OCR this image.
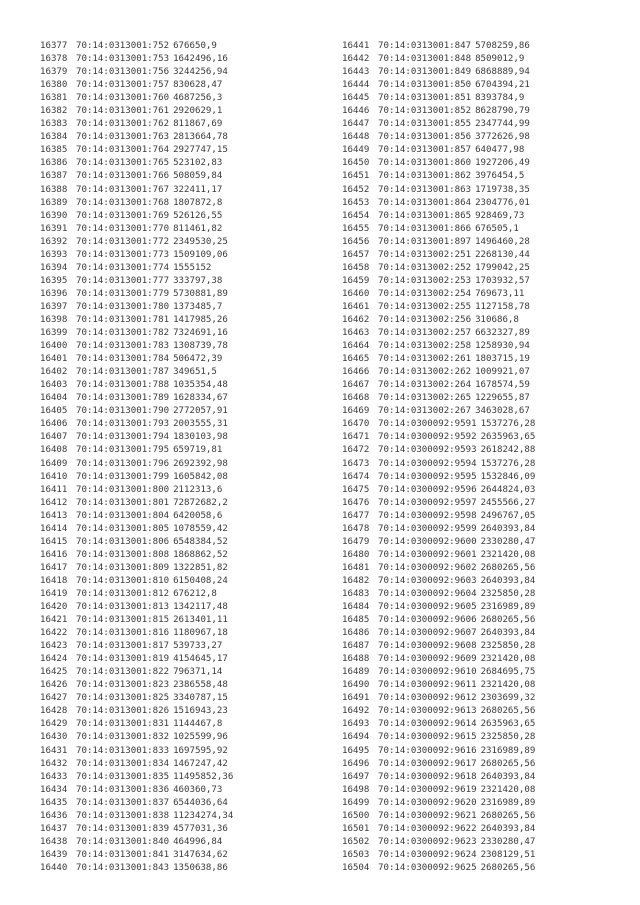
16377 70:14:0313001:752 676650,9
16378 70:14:0313001:753 1642496,16
16379 70:14:0313001:756 3244256,94
16380 70:14:0313001:757 830628,47
16381 70:14:0313001:760 4687256,3
16382 70:14:0313001:761 2920629,1
16383 70:14:0313001:762 811867,69
16384 70:14:0313001:763 2813664,78
16385 70:14:0313001:764 2927747,15
16386 70:14:0313001:765 523102,83
16387 70:14:0313001:766 508059,84
16388 70:14:0313001:767 322411,17
16389 70:14:0313001:768 1807872,8
16390 70:14:0313001:769 526126,55
16391 70:14:0313001:770 811461,82
16392 70:14:0313001:772 2349530,25
16393 70:14:0313001:773 1509109,06
16394 70:14:0313001:774 1555152
16395 70:14:0313001:777 333797,38
16396 70:14:0313001:779 5730881,89
16397 70:14:0313001:780 1373485,7
16398 70:14:0313001:781 1417985,26
16399 70:14:0313001:782 7324691,16
16400 70:14:0313001:783 1308739,78
16401 70:14:0313001:784 506472,39
16402 70:14:0313001:787 349651,5
16403 70:14:0313001:788 1035354,48
16404 70:14:0313001:789 1628334,67
16405 70:14:0313001:790 2772057,91
16406 70:14:0313001:793 2003555,31
16407 70:14:0313001:794 1830103,98
16408 70:14:0313001:795 659719,81
16409 70:14:0313001:796 2692392,98
16410 70:14:0313001:799 1605842,08
16411 70:14:0313001:800 2112313,6
16412 70:14:0313001:801 72872682,2
16413 70:14:0313001:804 6420058,6
16414 70:14:0313001:805 1078559,42
16415 70:14:0313001:806 6548384,52
16416 70:14:0313001:808 1868862,52
16417 70:14:0313001:809 1322851,82
16418 70:14:0313001:810 6150408,24
16419 70:14:0313001:812 676212,8
16420 70:14:0313001:813 1342117,48
16421 70:14:0313001:815 2613401,11
16422 70:14:0313001:816 1180967,18
16423 70:14:0313001:817 539733,27
16424 70:14:0313001:819 4154645,17
16425 70:14:0313001:822 796371,14
16426 70:14:0313001:823 2386558,48
16427 70:14:0313001:825 3340787,15
16428 70:14:0313001:826 1516943,23
16429 70:14:0313001:831 1144467,8
16430 70:14:0313001:832 1025599,96
16431 70:14:0313001:833 1697595,92
16432 70:14:0313001:834 1467247,42
16433 70:14:0313001:835 11495852,36
16434 70:14:0313001:836 460360,73
16435 70:14:0313001:837 6544036,64
16436 70:14:0313001:838 11234274,34
16437 70:14:0313001:839 4577031,36
16438 70:14:0313001:840 464996,84
16439 70:14:0313001:841 3147634,62
16440 70:14:0313001:843 1350638,86
16441 70:14:0313001:847 5708259,86
16442 70:14:0313001:848 8509012,9
16443 70:14:0313001:849 6868889,94
16444 70:14:0313001:850 6704394,21
16445 70:14:0313001:851 8393784,9
16446 70:14:0313001:852 8628790,79
16447 70:14:0313001:855 2347744,99
16448 70:14:0313001:856 3772626,98
16449 70:14:0313001:857 640477,98
16450 70:14:0313001:860 1927206,49
16451 70:14:0313001:862 3976454,5
16452 70:14:0313001:863 1719738,35
16453 70:14:0313001:864 2304776,01
16454 70:14:0313001:865 928469,73
16455 70:14:0313001:866 676505,1
16456 70:14:0313001:897 1496460,28
16457 70:14:0313002:251 2268130,44
16458 70:14:0313002:252 1799042,25
16459 70:14:0313002:253 1703932,57
16460 70:14:0313002:254 769673,11
16461 70:14:0313002:255 1127158,78
16462 70:14:0313002:256 310686,8
16463 70:14:0313002:257 6632327,89
16464 70:14:0313002:258 1258930,94
16465 70:14:0313002:261 1803715,19
16466 70:14:0313002:262 1009921,07
16467 70:14:0313002:264 1678574,59
16468 70:14:0313002:265 1229655,87
16469 70:14:0313002:267 3463028,67
16470 70:14:0300092:9591 1537276,28
16471 70:14:0300092:9592 2635963,65
16472 70:14:0300092:9593 2618242,88
16473 70:14:0300092:9594 1537276,28
16474 70:14:0300092:9595 1532846,09
16475 70:14:0300092:9596 2644824,03
16476 70:14:0300092:9597 2455566,27
16477 70:14:0300092:9598 2496767,05
16478 70:14:0300092:9599 2640393,84
16479 70:14:0300092:9600 2330280,47
16480 70:14:0300092:9601 2321420,08
16481 70:14:0300092:9602 2680265,56
16482 70:14:0300092:9603 2640393,84
16483 70:14:0300092:9604 2325850,28
16484 70:14:0300092:9605 2316989,89
16485 70:14:0300092:9606 2680265,56
16486 70:14:0300092:9607 2640393,84
16487 70:14:0300092:9608 2325850,28
16488 70:14:0300092:9609 2321420,08
16489 70:14:0300092:9610 2684695,75
16490 70:14:0300092:9611 2321420,08
16491 70:14:0300092:9612 2303699,32
16492 70:14:0300092:9613 2680265,56
16493 70:14:0300092:9614 2635963,65
16494 70:14:0300092:9615 2325850,28
16495 70:14:0300092:9616 2316989,89
16496 70:14:0300092:9617 2680265,56
16497 70:14:0300092:9618 2640393,84
16498 70:14:0300092:9619 2321420,08
16499 70:14:0300092:9620 2316989,89
16500 70:14:0300092:9621 2680265,56
16501 70:14:0300092:9622 2640393,84
16502 70:14:0300092:9623 2330280,47
16503 70:14:0300092:9624 2308129,51
16504 70:14:0300092:9625 2680265,56
